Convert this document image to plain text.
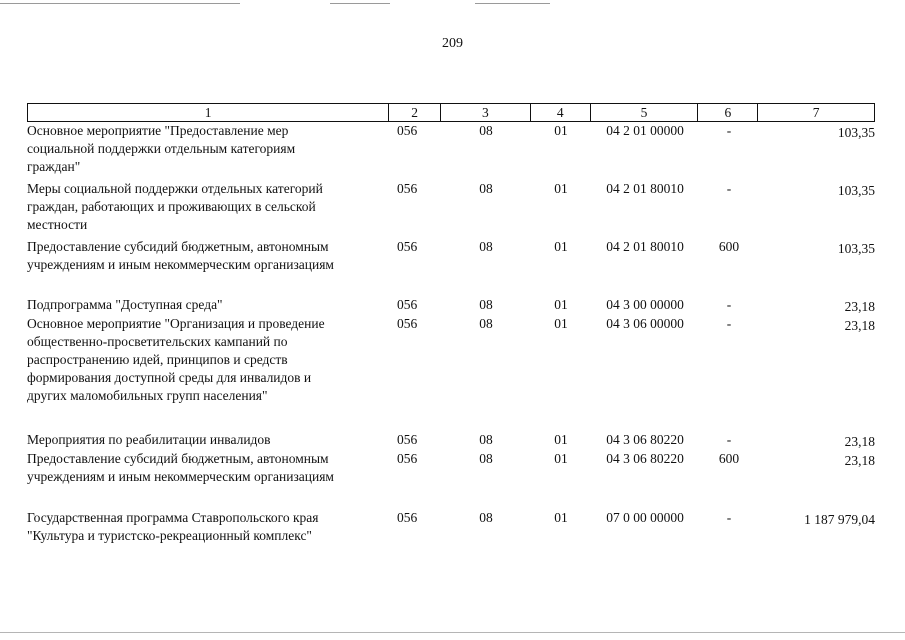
209
1	2	3	4	5	6	7
Основное мероприятие "Предоставление мер
социальной поддержки отдельным категориям
граждан"
056	08	01	04 2 01 00000	-	103,35
Меры социальной поддержки отдельных категорий
граждан, работающих и проживающих в сельской
местности
056	08	01	04 2 01 80010	-	103,35
Предоставление субсидий бюджетным, автономным
учреждениям и иным некоммерческим организациям
056	08	01	04 2 01 80010	600	103,35
Подпрограмма "Доступная среда"	056	08	01	04 3 00 00000	-	23,18
Основное мероприятие "Организация и проведение
общественно-просветительских кампаний по
распространению идей, принципов и средств
формирования доступной среды для инвалидов и
других маломобильных групп населения"
056	08	01	04 3 06 00000	-	23,18
Мероприятия по реабилитации инвалидов	056	08	01	04 3 06 80220	-	23,18
Предоставление субсидий бюджетным, автономным
учреждениям и иным некоммерческим организациям
056	08	01	04 3 06 80220	600	23,18
Государственная программа Ставропольского края
"Культура и туристско-рекреационный комплекс"
056	08	01	07 0 00 00000	-	1 187 979,04
